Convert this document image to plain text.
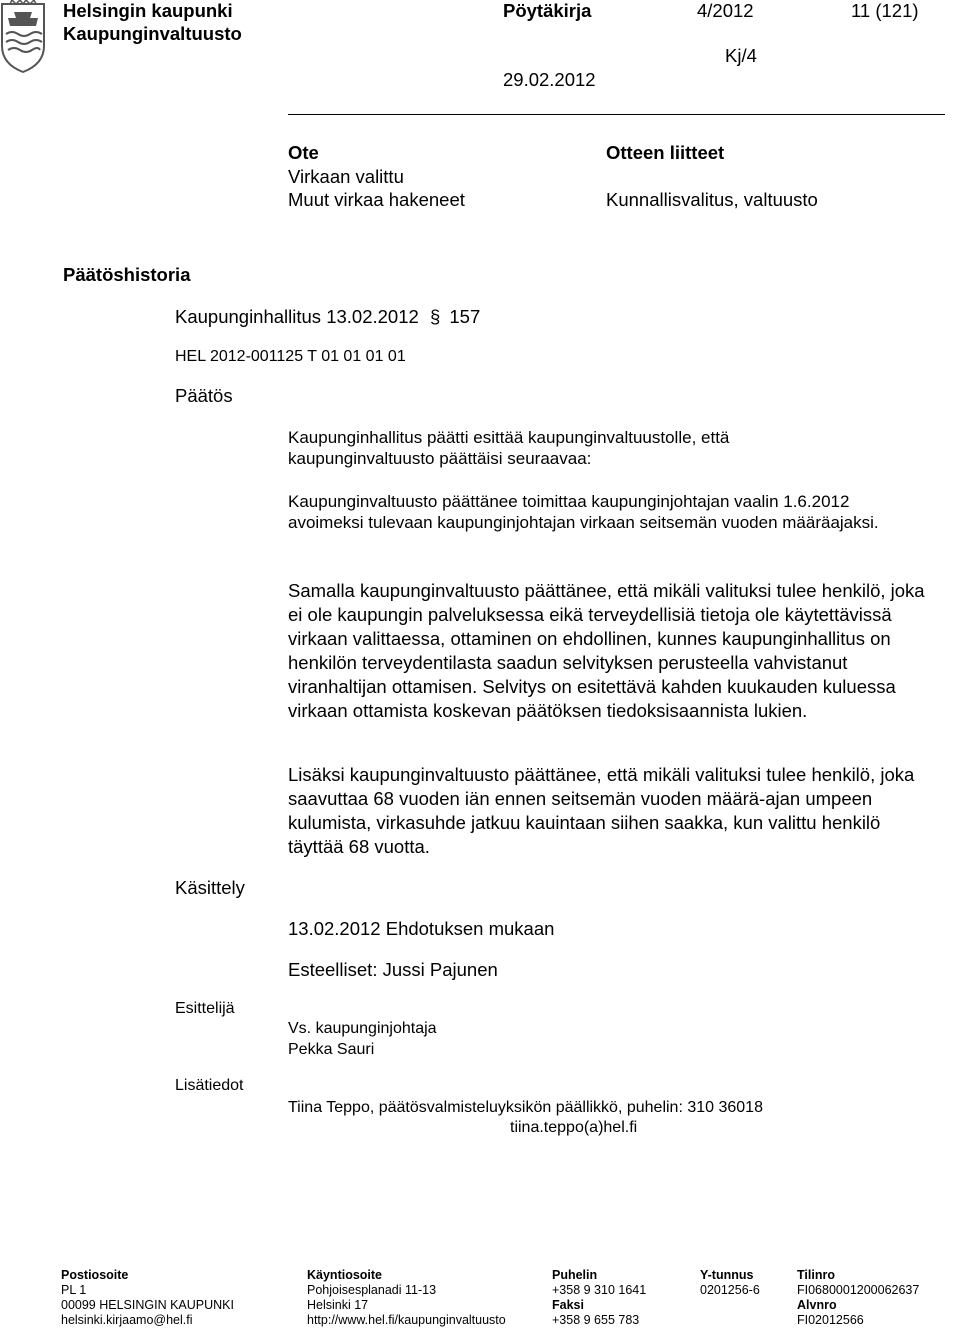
Helsingin kaupunki
Kaupunginvaltuusto
Pöytäkirja	4/2012	11 (121)
Kj/4
29.02.2012
Ote
Virkaan valittu
Muut virkaa hakeneet
Otteen liitteet
Kunnallisvalitus, valtuusto
Päätöshistoria
Kaupunginhallitus 13.02.2012 § 157
HEL 2012-001125 T 01 01 01 01
Päätös
Käsittely
Esittelijä
Lisätiedot

Kaupunginhallitus päätti esittää kaupunginvaltuustolle, että kaupunginvaltuusto päättäisi seuraavaa:

Kaupunginvaltuusto päättänee toimittaa kaupunginjohtajan vaalin 1.6.2012 avoimeksi tulevaan kaupunginjohtajan virkaan seitsemän vuoden määräajaksi.

Samalla kaupunginvaltuusto päättänee, että mikäli valituksi tulee henkilö, joka ei ole kaupungin palveluksessa eikä terveydellisiä tietoja ole käytettävissä virkaan valittaessa, ottaminen on ehdollinen, kunnes kaupunginhallitus on henkilön terveydentilasta saadun selvityksen perusteella vahvistanut viranhaltijan ottamisen. Selvitys on esitettävä kahden kuukauden kuluessa virkaan ottamista koskevan päätöksen tiedoksisaannista lukien.

Lisäksi kaupunginvaltuusto päättänee, että mikäli valituksi tulee henkilö, joka saavuttaa 68 vuoden iän ennen seitsemän vuoden määrä-ajan umpeen kulumista, virkasuhde jatkuu kauintaan siihen saakka, kun valittu henkilö täyttää 68 vuotta.

13.02.2012 Ehdotuksen mukaan
Esteelliset: Jussi Pajunen
Vs. kaupunginjohtaja
Pekka Sauri
Tiina Teppo, päätösvalmisteluyksikön päällikkö, puhelin: 310 36018
tiina.teppo(a)hel.fi
Postiosoite
PL 1
00099 HELSINGIN KAUPUNKI
helsinki.kirjaamo@hel.fi
Käyntiosoite
Pohjoisesplanadi 11-13
Helsinki 17
http://www.hel.fi/kaupunginvaltuusto
Puhelin
+358 9 310 1641
Faksi
+358 9 655 783
Y-tunnus
0201256-6
Tilinro
FI0680001200062637
Alvnro
FI02012566
